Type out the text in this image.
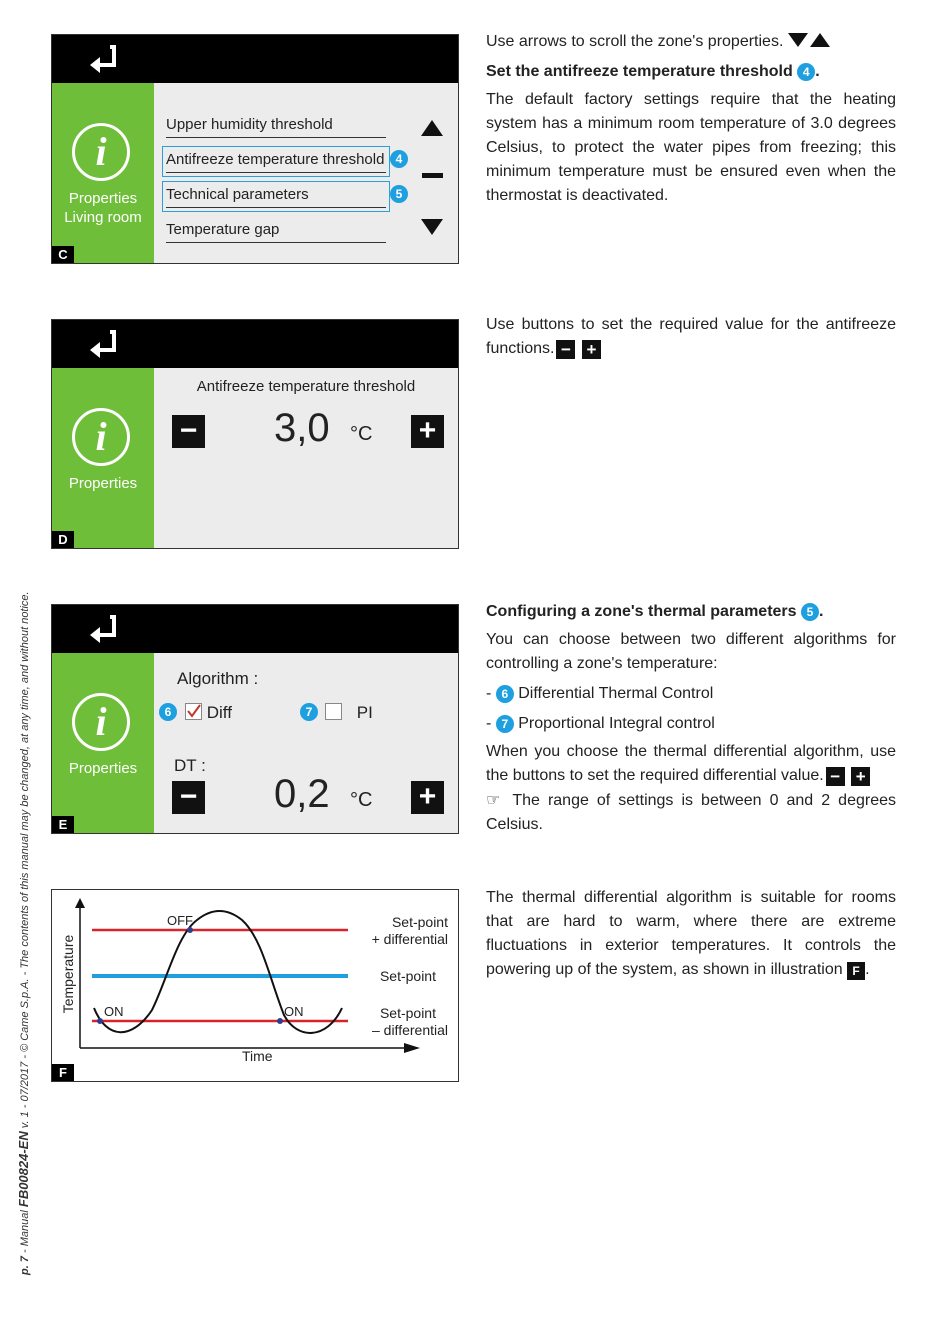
i
Properties
Living room
Upper humidity threshold
Antifreeze temperature threshold 4
Technical parameters	5
Temperature gap
C
i
Properties
Antifreeze temperature threshold
− 3,0 °C +
D
i
Properties
Algorithm :
6	Diff	7	PI
DT :
− 0,2 °C +
E
OFF
ON	ON
Temperature
Time
Set-point
+ differential
Set-point
Set-point
– differential
F

Use arrows to scroll the zone's properties.

Set the antifreeze temperature threshold 4 .

The default factory settings require that the heating system has a minimum room temperature of 3.0 degrees Celsius, to protect the water pipes from freezing; this minimum temperature must be ensured even when the thermostat is deactivated.

Use buttons to set the required value for the antifreeze functions. − +

Configuring a zone's thermal parameters 5 .

You can choose between two different algorithms for controlling a zone's temperature:

- 6 Differential Thermal Control

- 7 Proportional Integral control

When you choose the thermal differential algorithm, use the buttons to set the required differential value. − +

☞ The range of settings is between 0 and 2 degrees Celsius.

The thermal differential algorithm is suitable for rooms that are hard to warm, where there are extreme fluctuations in exterior temperatures. It controls the powering up of the system, as shown in illustration F .

p. 7 - Manual FB00824-EN v. 1 - 07/2017 - © Came S.p.A. - The contents of this manual may be changed, at any time, and without notice.
